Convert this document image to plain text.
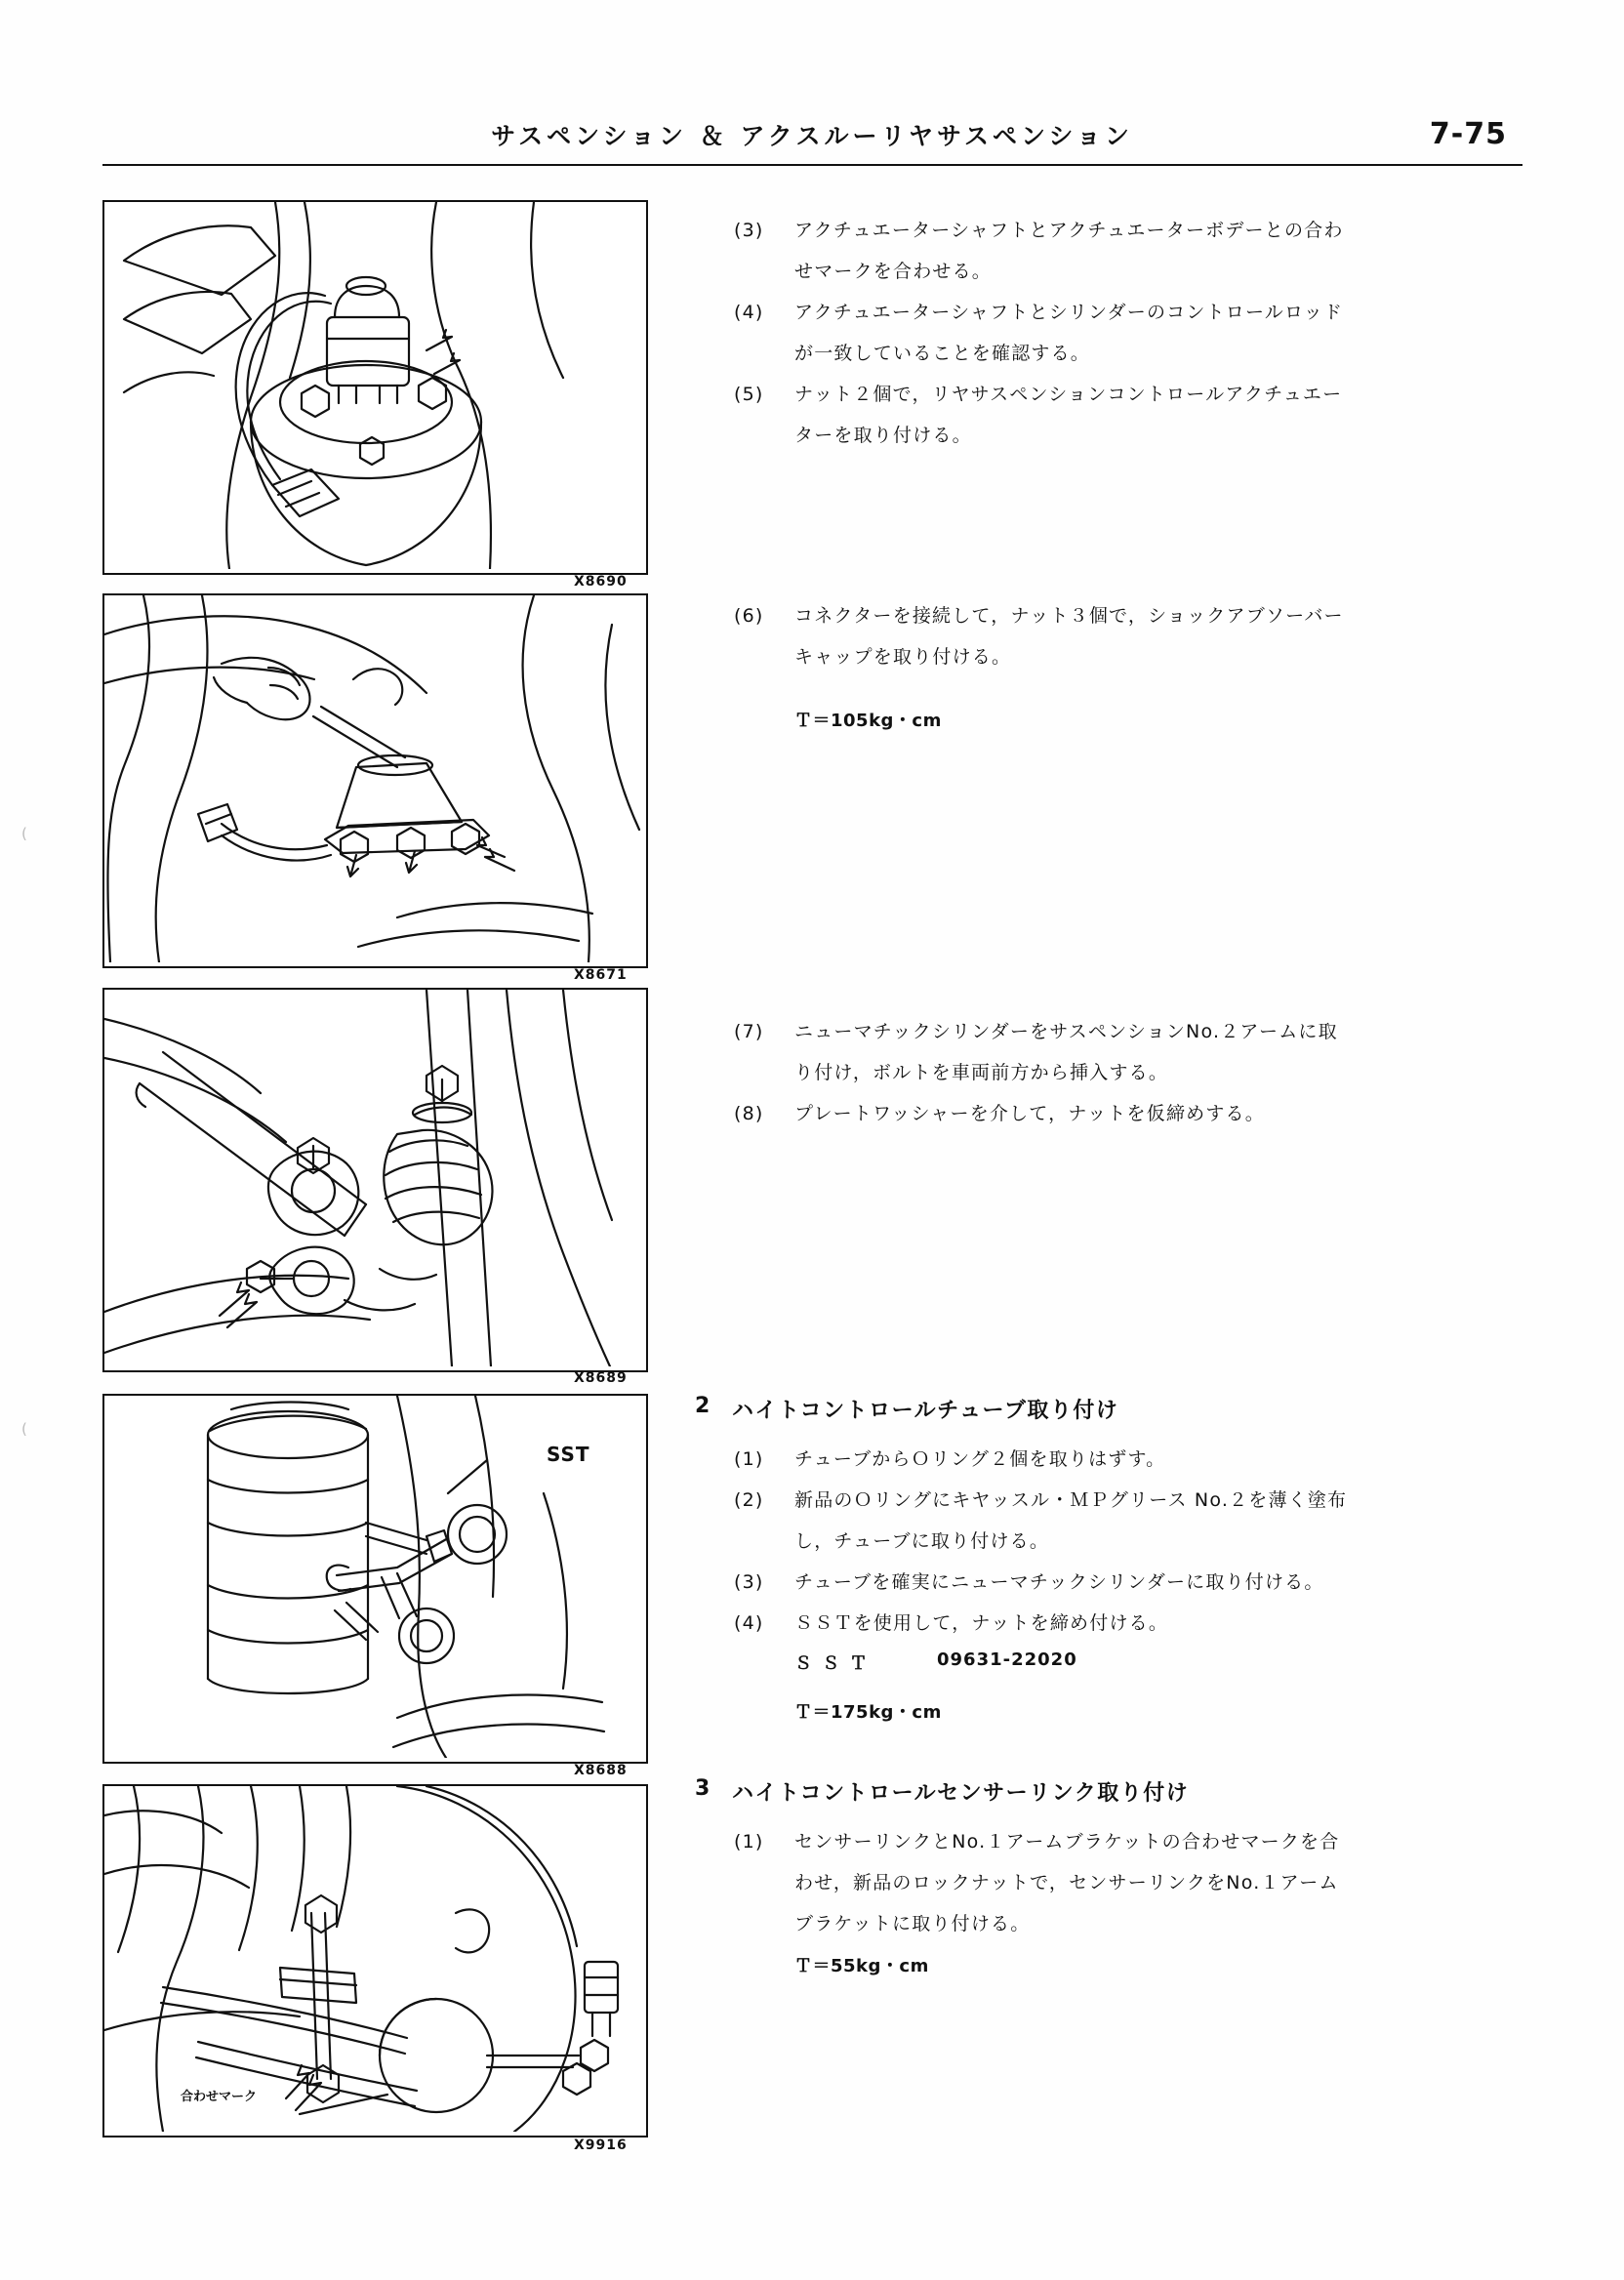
サスペンション ＆ アクスルーリヤサスペンション	7-75
(
(
X8690
X8671
X8689
SST
X8688
合わせマーク
X9916
(3)	アクチュエーターシャフトとアクチュエーターボデーとの合わ
せマークを合わせる。
(4)	アクチュエーターシャフトとシリンダーのコントロールロッド
が一致していることを確認する。
(5)	ナット２個で，リヤサスペンションコントロールアクチュエー
ターを取り付ける。
(6)	コネクターを接続して，ナット３個で，ショックアブソーバー
キャップを取り付ける。
Ｔ＝105kg・cm
(7)	ニューマチックシリンダーをサスペンションNo.２アームに取
り付け，ボルトを車両前方から挿入する。
(8)	プレートワッシャーを介して，ナットを仮締めする。
2 ハイトコントロールチューブ取り付け
(1)	チューブからＯリング２個を取りはずす。
(2)	新品のＯリングにキヤッスル・ＭＰグリース No.２を薄く塗布
し，チューブに取り付ける。
(3)	チューブを確実にニューマチックシリンダーに取り付ける。
(4)	ＳＳＴを使用して，ナットを締め付ける。
Ｓ Ｓ Ｔ	09631-22020
Ｔ＝175kg・cm
3 ハイトコントロールセンサーリンク取り付け
(1)	センサーリンクとNo.１アームブラケットの合わせマークを合
わせ，新品のロックナットで，センサーリンクをNo.１アーム
ブラケットに取り付ける。
Ｔ＝55kg・cm
